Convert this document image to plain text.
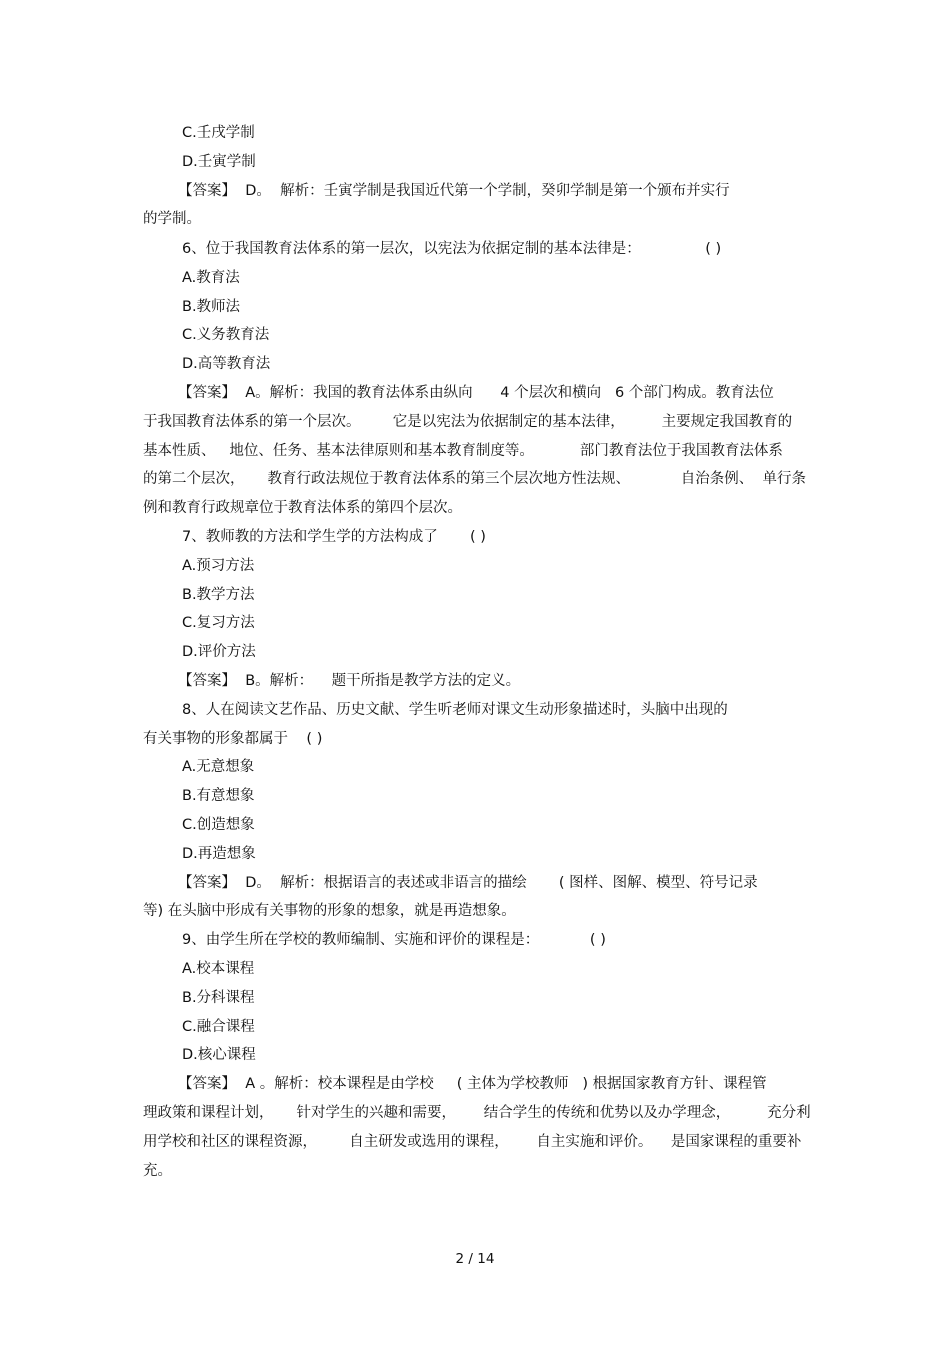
C.壬戌学制
D.壬寅学制
【答案】  D。  解析：壬寅学制是我国近代第一个学制，癸卯学制是第一个颁布并实行
的学制。
6、位于我国教育法体系的第一层次，以宪法为依据定制的基本法律是：              ( )
A.教育法
B.教师法
C.义务教育法
D.高等教育法
【答案】  A。解析：我国的教育法体系由纵向      4 个层次和横向   6 个部门构成。教育法位
于我国教育法体系的第一个层次。       它是以宪法为依据制定的基本法律，        主要规定我国教育的
基本性质、   地位、任务、基本法律原则和基本教育制度等。          部门教育法位于我国教育法体系
的第二个层次，     教育行政法规位于教育法体系的第三个层次地方性法规、           自治条例、  单行条
例和教育行政规章位于教育法体系的第四个层次。
7、教师教的方法和学生学的方法构成了       ( )
A.预习方法
B.教学方法
C.复习方法
D.评价方法
【答案】  B。解析：    题干所指是教学方法的定义。
8、人在阅读文艺作品、历史文献、学生听老师对课文生动形象描述时，头脑中出现的
有关事物的形象都属于    ( )
A.无意想象
B.有意想象
C.创造想象
D.再造想象
【答案】  D。  解析：根据语言的表述或非语言的描绘       ( 图样、图解、模型、符号记录
等) 在头脑中形成有关事物的形象的想象，就是再造想象。
9、由学生所在学校的教师编制、实施和评价的课程是：           ( )
A.校本课程
B.分科课程
C.融合课程
D.核心课程
【答案】  A 。解析：校本课程是由学校     ( 主体为学校教师   ) 根据国家教育方针、课程管
理政策和课程计划，     针对学生的兴趣和需要，      结合学生的传统和优势以及办学理念，        充分利
用学校和社区的课程资源，       自主研发或选用的课程，      自主实施和评价。    是国家课程的重要补
充。
2 / 14
